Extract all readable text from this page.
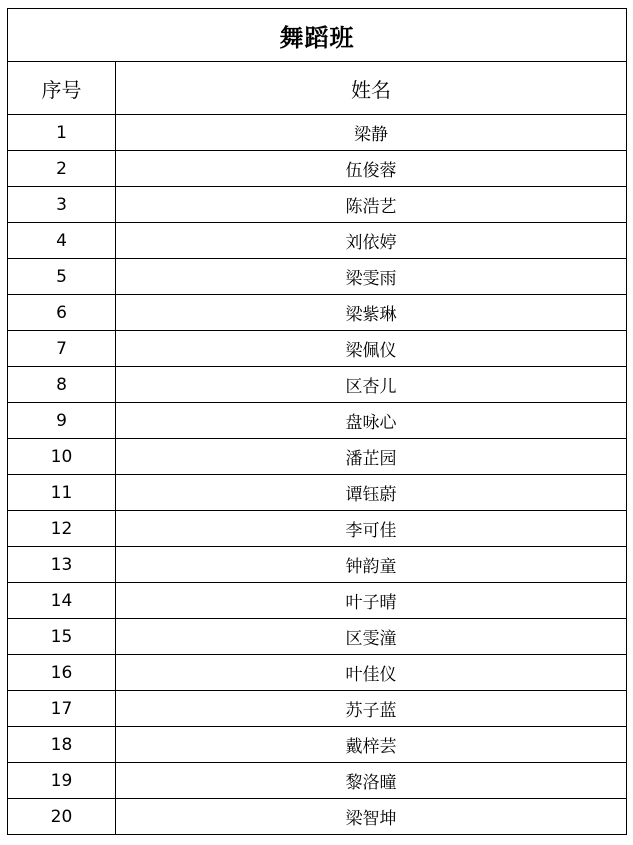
舞蹈班	
序号	姓名
1	梁静
2	伍俊蓉
3	陈浩艺
4	刘依婷
5	梁雯雨
6	梁紫琳
7	梁佩仪
8	区杏儿
9	盘咏心
10	潘芷园
11	谭钰蔚
12	李可佳
13	钟韵童
14	叶子晴
15	区雯潼
16	叶佳仪
17	苏子蓝
18	戴梓芸
19	黎洛曈
20	梁智坤
